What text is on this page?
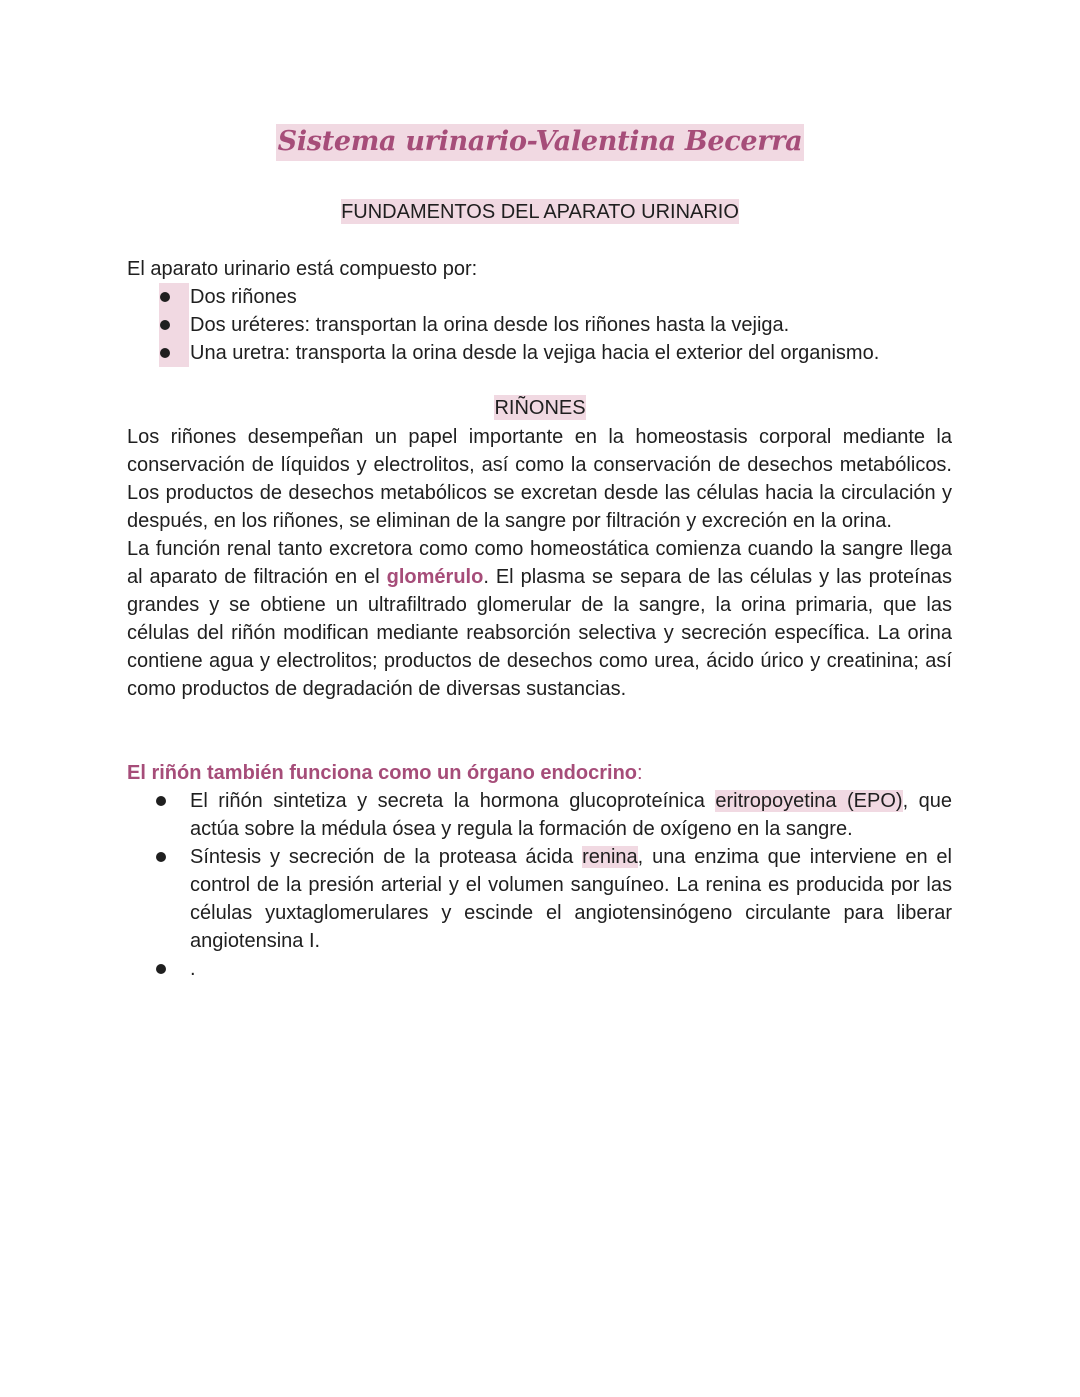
Sistema urinario-Valentina Becerra
FUNDAMENTOS DEL APARATO URINARIO

El aparato urinario está compuesto por:

Dos riñones
Dos uréteres: transportan la orina desde los riñones hasta la vejiga.
Una uretra: transporta la orina desde la vejiga hacia el exterior del organismo.
RIÑONES

Los riñones desempeñan un papel importante en la homeostasis corporal mediante la conservación de líquidos y electrolitos, así como la conservación de desechos metabólicos. Los productos de desechos metabólicos se excretan desde las células hacia la circulación y después, en los riñones, se eliminan de la sangre por filtración y excreción en la orina.

La función renal tanto excretora como como homeostática comienza cuando la sangre llega al aparato de filtración en el glomérulo. El plasma se separa de las células y las proteínas grandes y se obtiene un ultrafiltrado glomerular de la sangre, la orina primaria, que las células del riñón modifican mediante reabsorción selectiva y secreción específica. La orina contiene agua y electrolitos; productos de desechos como urea, ácido úrico y creatinina; así como productos de degradación de diversas sustancias.

El riñón también funciona como un órgano endocrino:

El riñón sintetiza y secreta la hormona glucoproteínica eritropoyetina (EPO), que actúa sobre la médula ósea y regula la formación de oxígeno en la sangre.
Síntesis y secreción de la proteasa ácida renina, una enzima que interviene en el control de la presión arterial y el volumen sanguíneo. La renina es producida por las células yuxtaglomerulares y escinde el angiotensinógeno circulante para liberar angiotensina I.
.
